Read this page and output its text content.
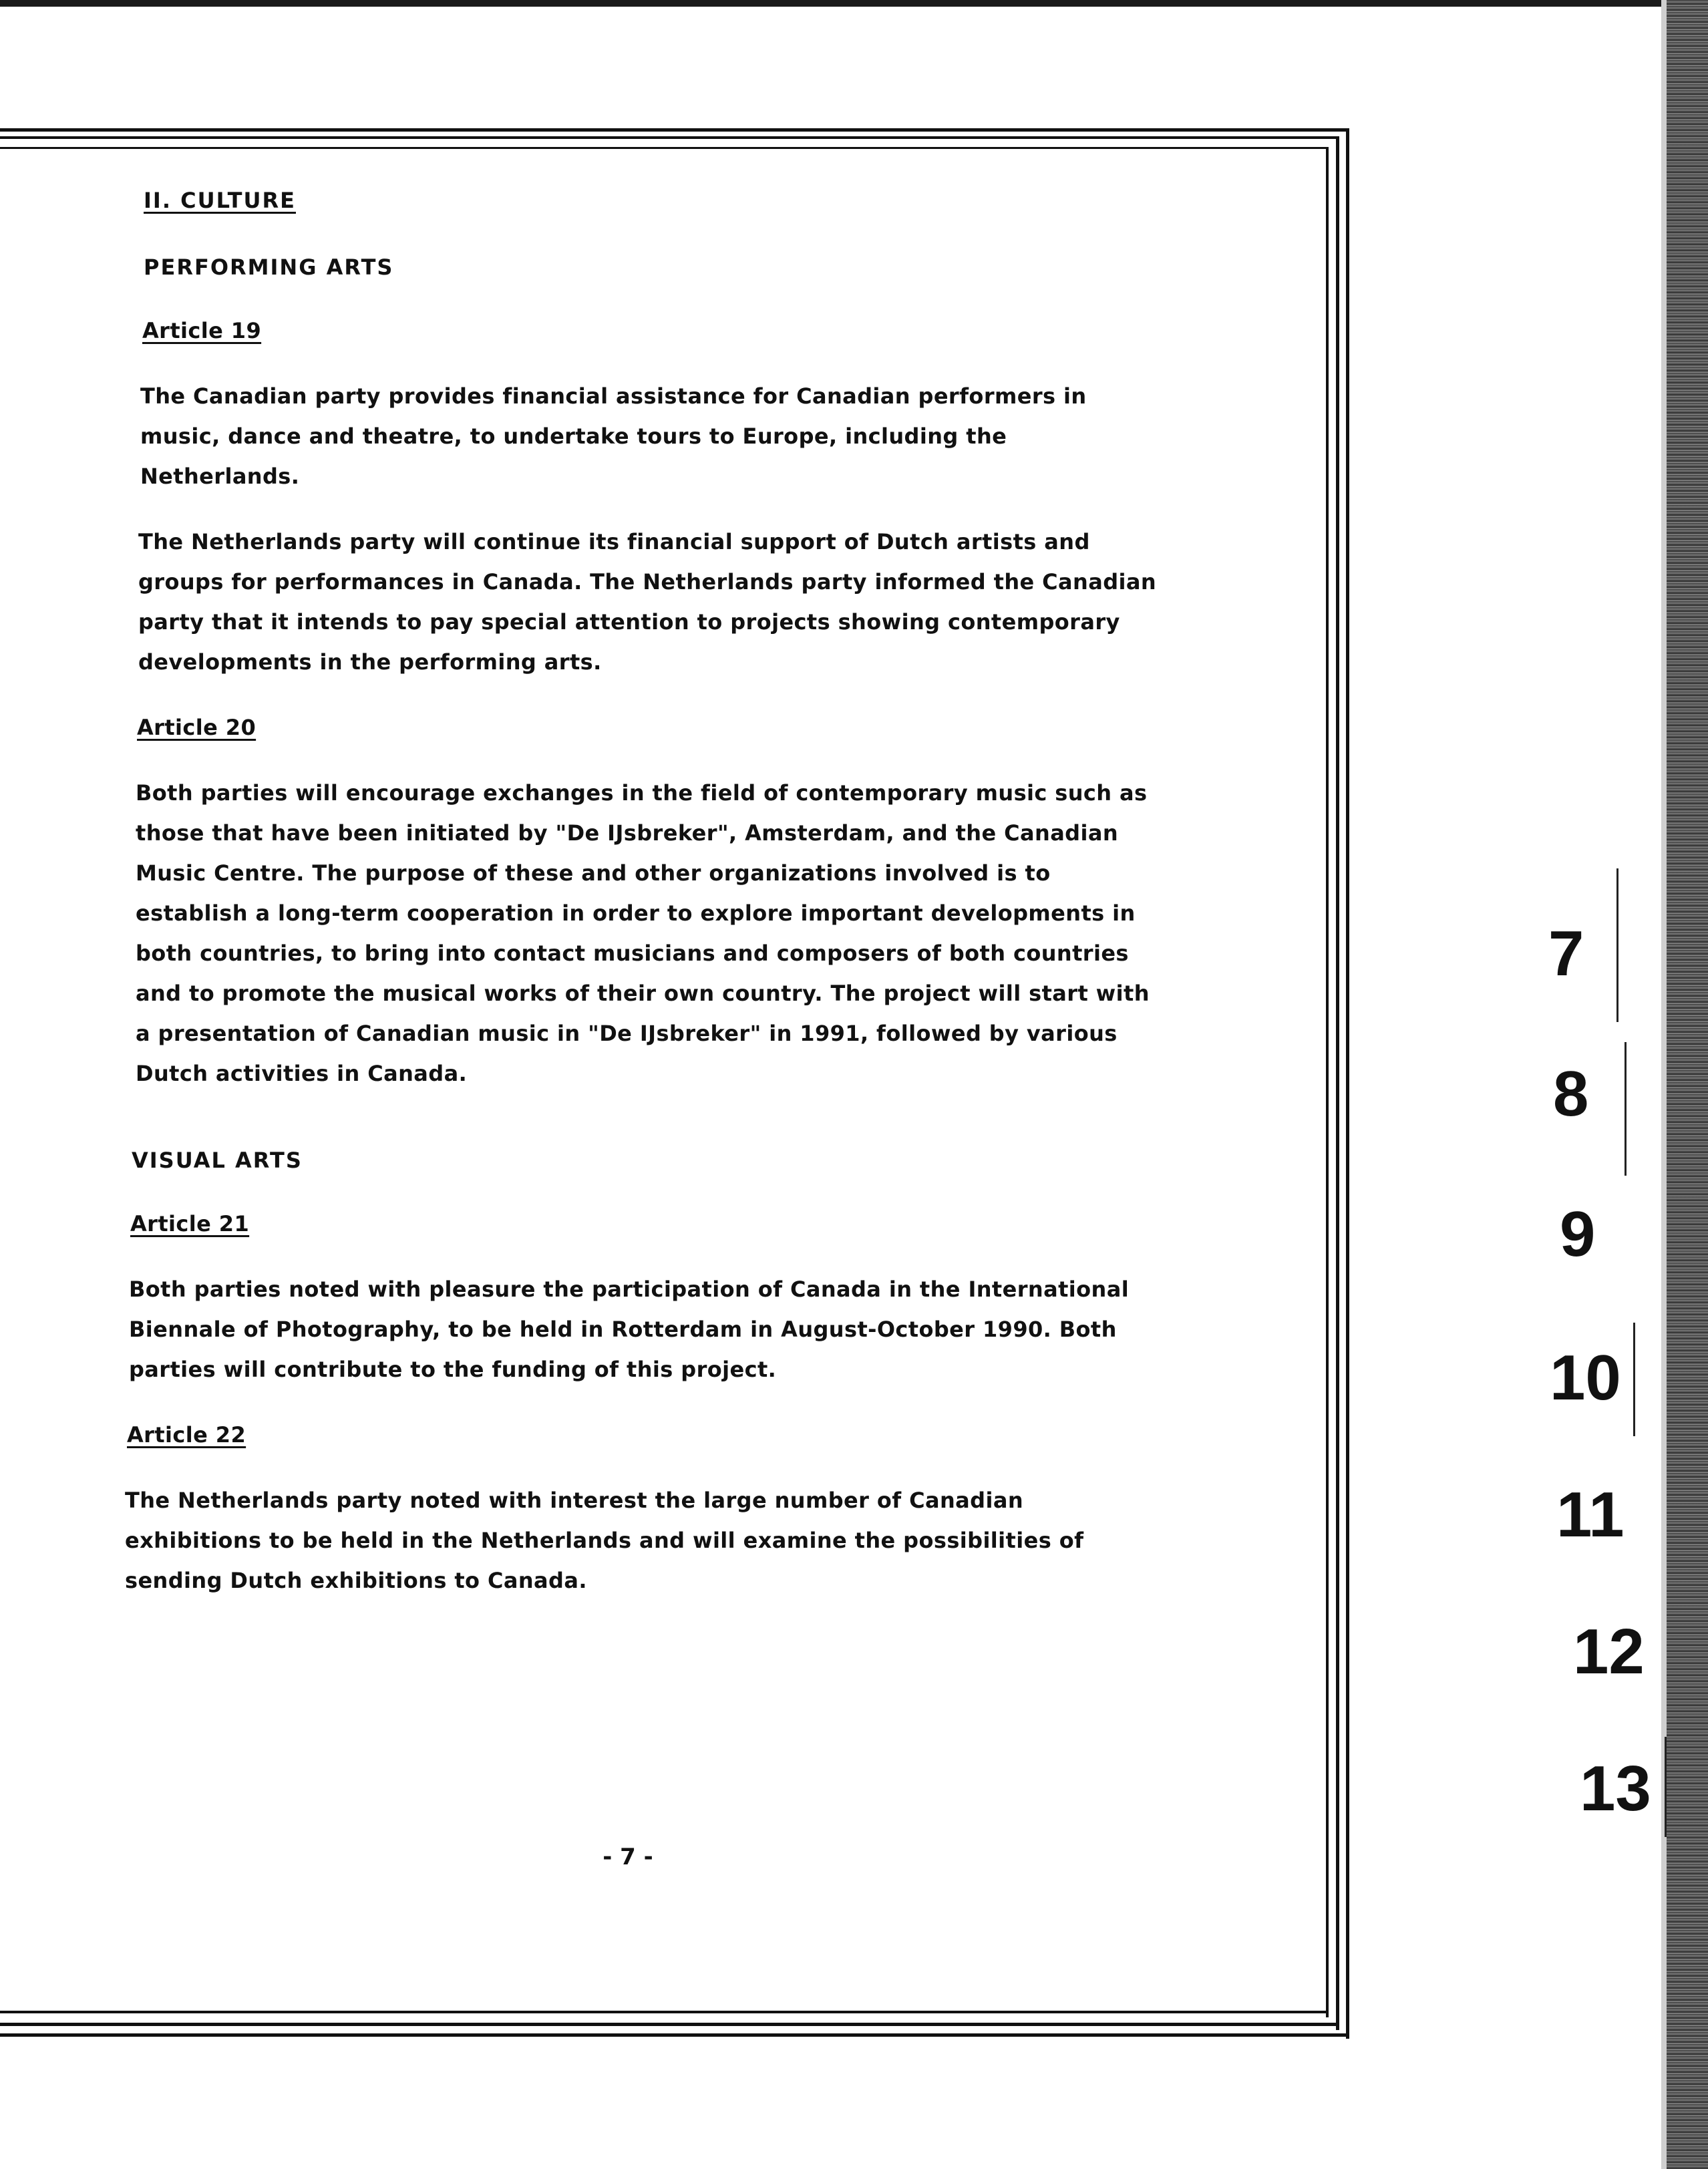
II. CULTURE

PERFORMING ARTS

Article 19

The Canadian party provides financial assistance for Canadian performers in music, dance and theatre, to undertake tours to Europe, including the Netherlands.

The Netherlands party will continue its financial support of Dutch artists and groups for performances in Canada. The Netherlands party informed the Canadian party that it intends to pay special attention to projects showing contemporary developments in the performing arts.

Article 20

Both parties will encourage exchanges in the field of contemporary music such as those that have been initiated by "De IJsbreker", Amsterdam, and the Canadian Music Centre. The purpose of these and other organizations involved is to establish a long-term cooperation in order to explore important developments in both countries, to bring into contact musicians and composers of both countries and to promote the musical works of their own country. The project will start with a presentation of Canadian music in "De IJsbreker" in 1991, followed by various Dutch activities in Canada.

VISUAL ARTS

Article 21

Both parties noted with pleasure the participation of Canada in the International Biennale of Photography, to be held in Rotterdam in August-October 1990. Both parties will contribute to the funding of this project.

Article 22

The Netherlands party noted with interest the large number of Canadian exhibitions to be held in the Netherlands and will examine the possibilities of sending Dutch exhibitions to Canada.

- 7 -
7
8
9
10
11
12
13
